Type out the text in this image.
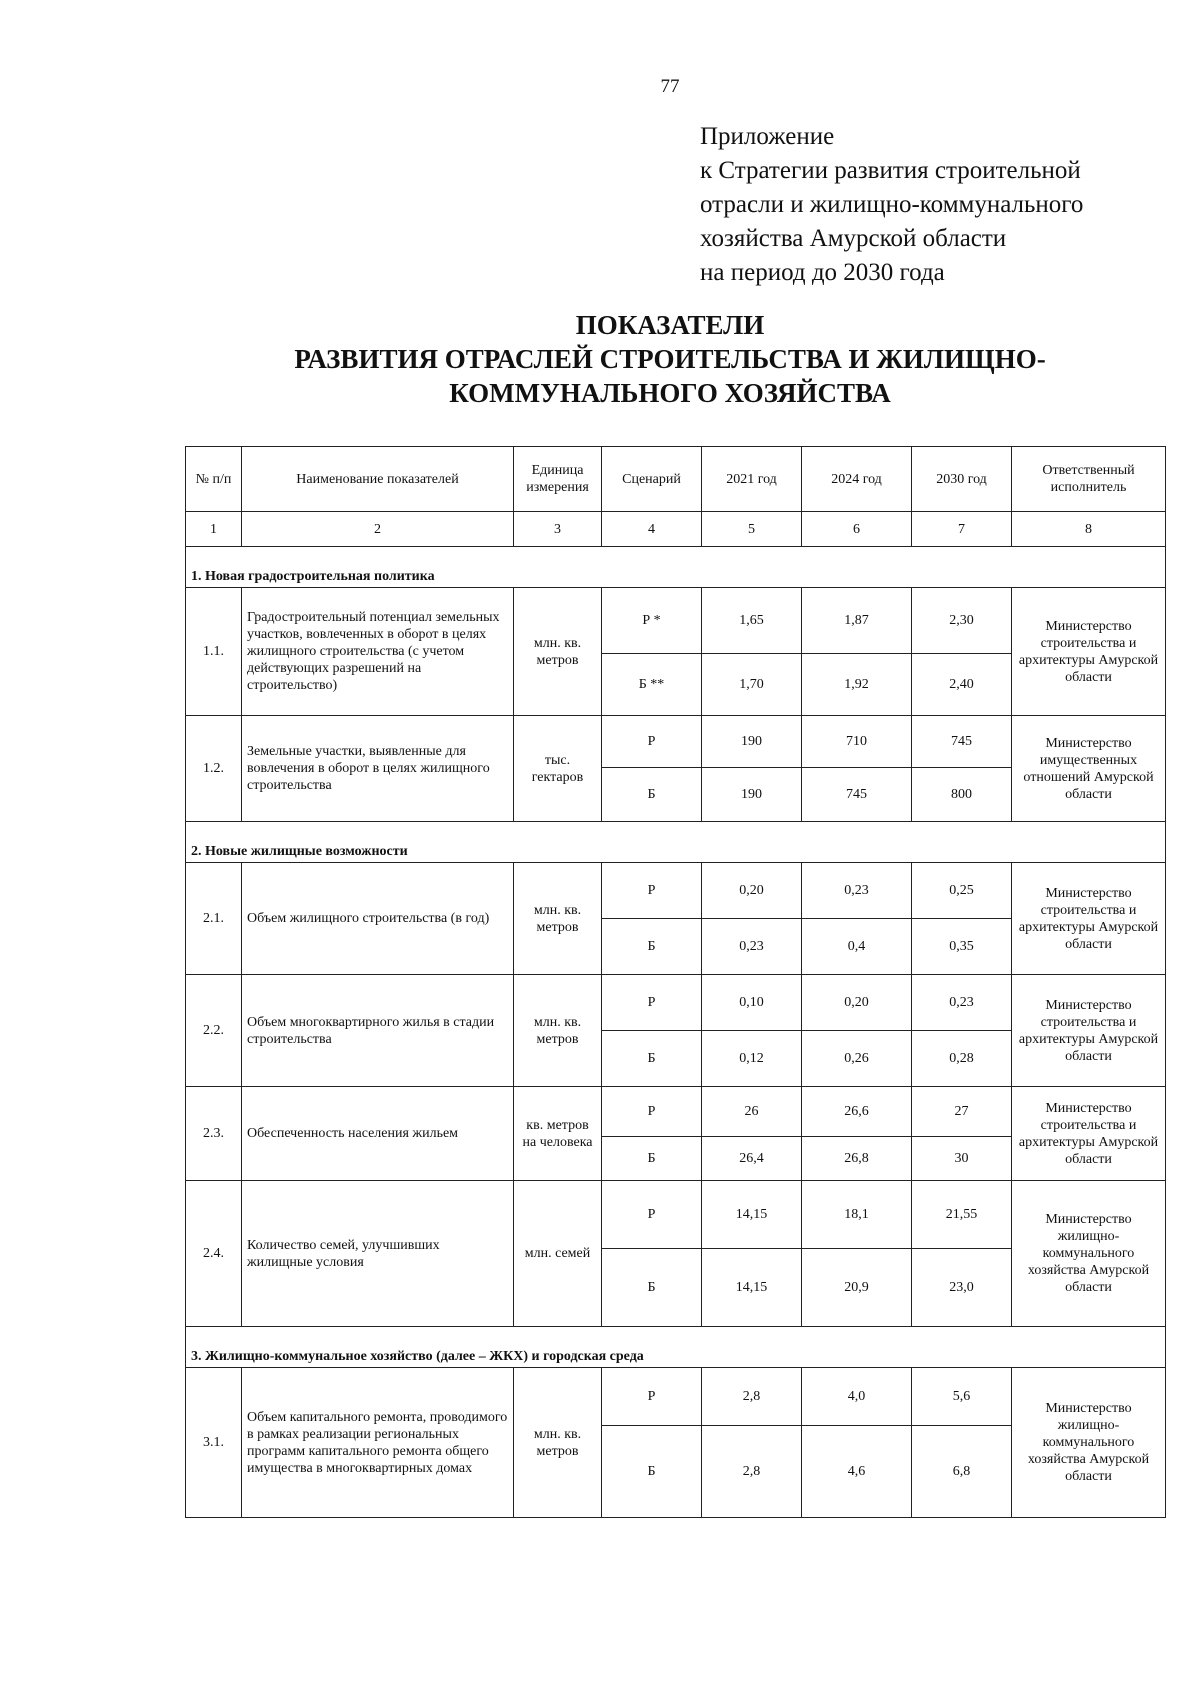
77
Приложение
к Стратегии развития строительной
отрасли и жилищно-коммунального
хозяйства Амурской области
на период до 2030 года
ПОКАЗАТЕЛИ
РАЗВИТИЯ ОТРАСЛЕЙ СТРОИТЕЛЬСТВА И ЖИЛИЩНО-
КОММУНАЛЬНОГО ХОЗЯЙСТВА
№ п/п	Наименование показателей	Единица измерения	Сценарий	2021 год	2024 год	2030 год	Ответственный исполнитель
1	2	3	4	5	6	7	8
1. Новая градостроительная политика							
1.1.	Градостроительный потенциал земельных участков, вовлеченных в оборот в целях жилищного строительства (с учетом действующих разрешений на строительство)	млн. кв. метров	Р *	1,65	1,87	2,30	Министерство строительства и архитектуры Амурской области
			Б **	1,70	1,92	2,40	
1.2.	Земельные участки, выявленные для вовлечения в оборот в целях жилищного строительства	тыс. гектаров	Р	190	710	745	Министерство имущественных отношений Амурской области
			Б	190	745	800	
2. Новые жилищные возможности							
2.1.	Объем жилищного строительства (в год)	млн. кв. метров	Р	0,20	0,23	0,25	Министерство строительства и архитектуры Амурской области
			Б	0,23	0,4	0,35	
2.2.	Объем многоквартирного жилья в стадии строительства	млн. кв. метров	Р	0,10	0,20	0,23	Министерство строительства и архитектуры Амурской области
			Б	0,12	0,26	0,28	
2.3.	Обеспеченность населения жильем	кв. метров на человека	Р	26	26,6	27	Министерство строительства и архитектуры Амурской области
			Б	26,4	26,8	30	
2.4.	Количество семей, улучшивших жилищные условия	млн. семей	Р	14,15	18,1	21,55	Министерство жилищно-коммунального хозяйства Амурской области
			Б	14,15	20,9	23,0	
3. Жилищно-коммунальное хозяйство (далее – ЖКХ) и городская среда							
3.1.	Объем капитального ремонта, проводимого в рамках реализации региональных программ капитального ремонта общего имущества в многоквартирных домах	млн. кв. метров	Р	2,8	4,0	5,6	Министерство жилищно-коммунального хозяйства Амурской области
			Б	2,8	4,6	6,8	
